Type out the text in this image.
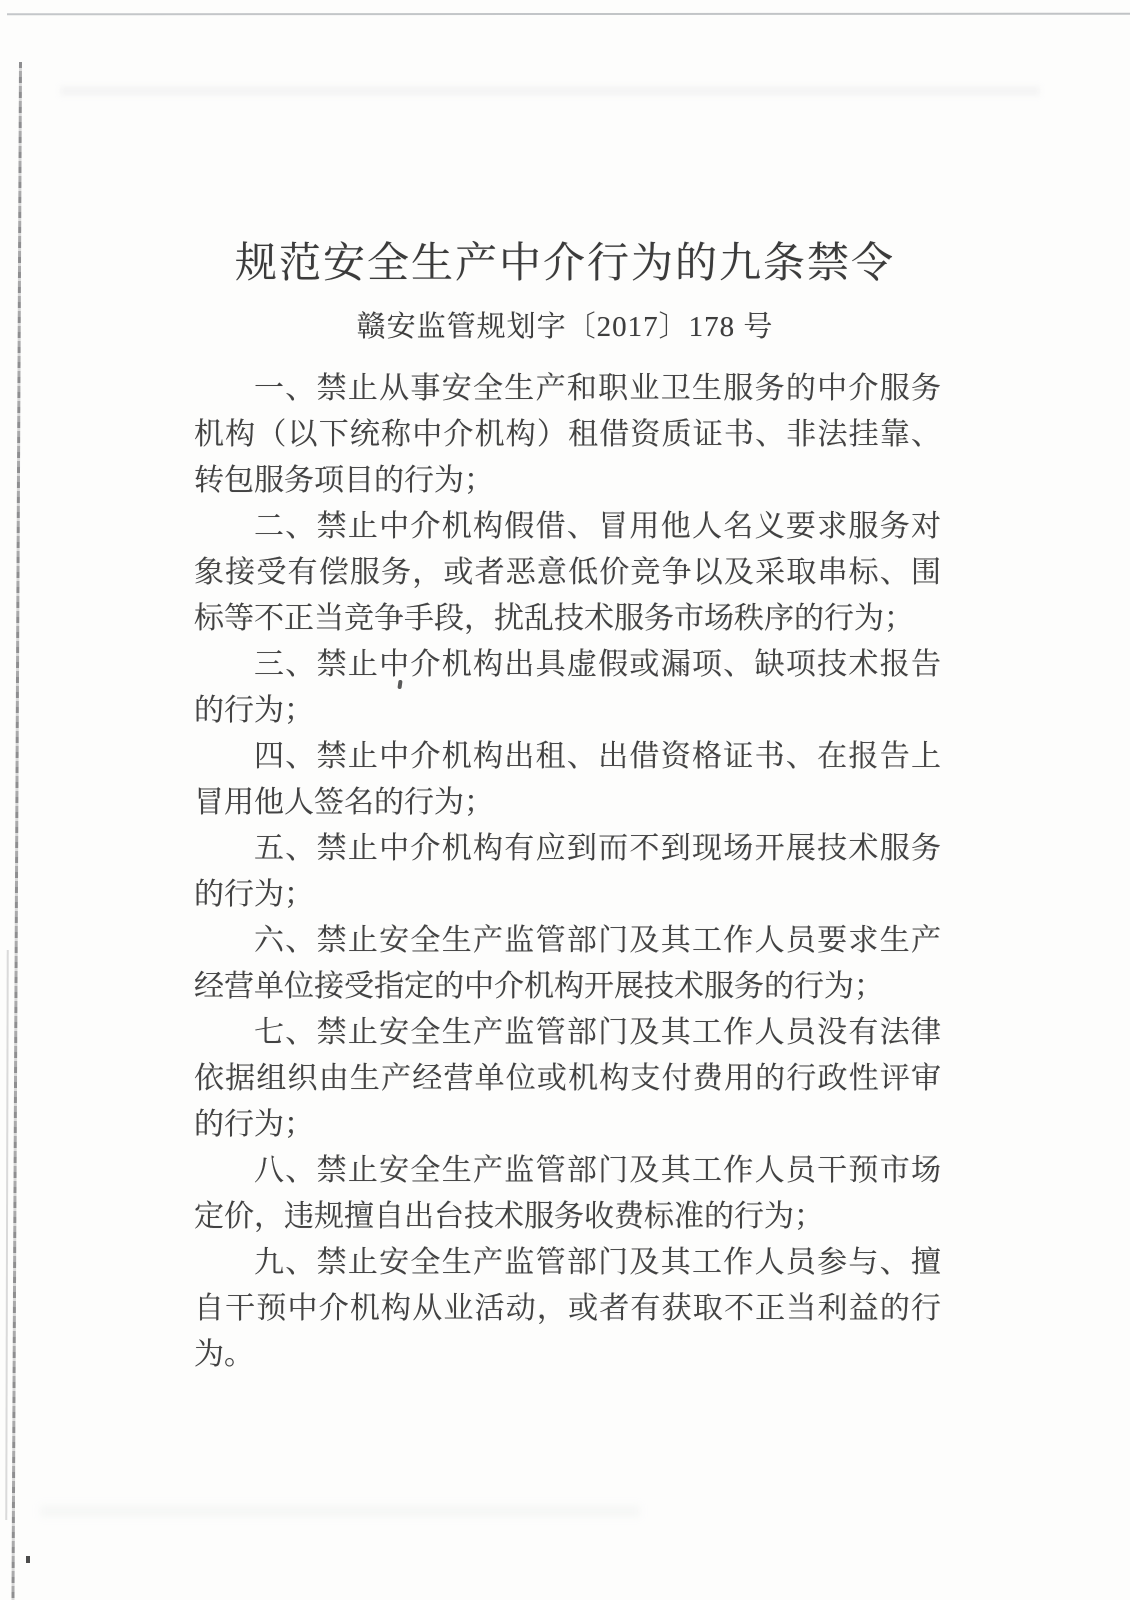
规范安全生产中介行为的九条禁令
赣安监管规划字〔2017〕178 号

一、禁止从事安全生产和职业卫生服务的中介服务机构（以下统称中介机构）租借资质证书、非法挂靠、转包服务项目的行为；

二、禁止中介机构假借、冒用他人名义要求服务对象接受有偿服务，或者恶意低价竞争以及采取串标、围标等不正当竞争手段，扰乱技术服务市场秩序的行为；

三、禁止中介机构出具虚假或漏项、缺项技术报告的行为；

四、禁止中介机构出租、出借资格证书、在报告上冒用他人签名的行为；

五、禁止中介机构有应到而不到现场开展技术服务的行为；

六、禁止安全生产监管部门及其工作人员要求生产经营单位接受指定的中介机构开展技术服务的行为；

七、禁止安全生产监管部门及其工作人员没有法律依据组织由生产经营单位或机构支付费用的行政性评审的行为；

八、禁止安全生产监管部门及其工作人员干预市场定价，违规擅自出台技术服务收费标准的行为；

九、禁止安全生产监管部门及其工作人员参与、擅自干预中介机构从业活动，或者有获取不正当利益的行为。
